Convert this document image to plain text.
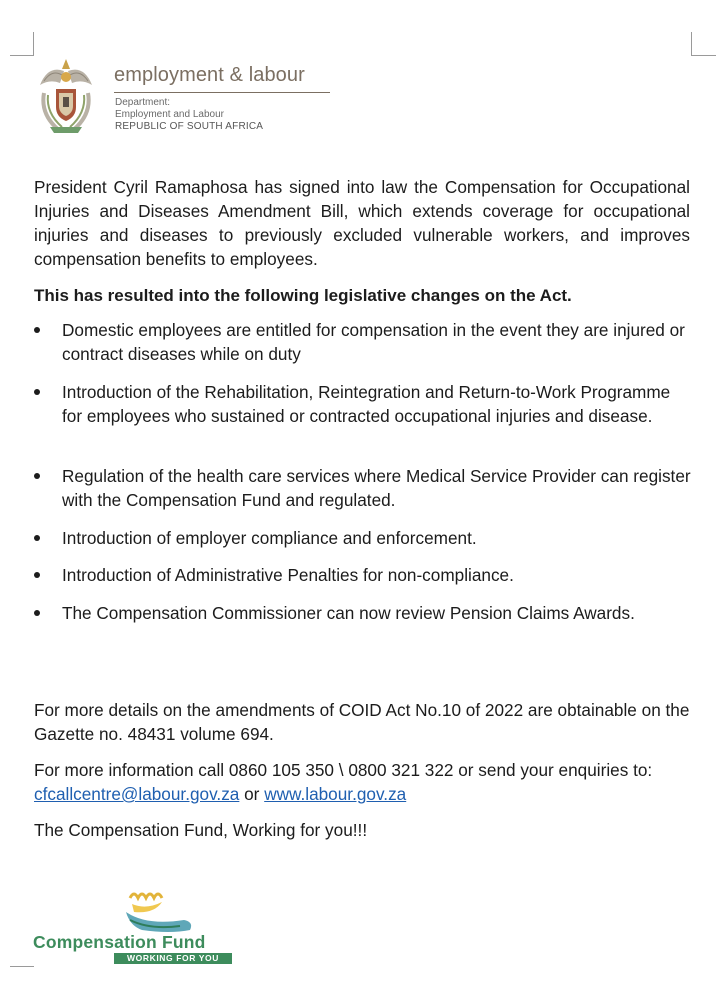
employment & labour
Department:
Employment and Labour
REPUBLIC OF SOUTH AFRICA
President Cyril Ramaphosa has signed into law the Compensation for Occupational Injuries and Diseases Amendment Bill, which extends coverage for occupational injuries and diseases to previously excluded vulnerable workers, and improves compensation benefits to employees.
This has resulted into the following legislative changes on the Act.
Domestic employees are entitled for compensation in the event they are injured or contract diseases while on duty
Introduction of the Rehabilitation, Reintegration and Return-to-Work Programme for employees who sustained or contracted occupational injuries and disease.
Regulation of the health care services where Medical Service Provider can register with the Compensation Fund and regulated.
Introduction of employer compliance and enforcement.
Introduction of Administrative Penalties for non-compliance.
The Compensation Commissioner can now review Pension Claims Awards.
For more details on the amendments of COID Act No.10 of 2022 are obtainable on the Gazette no. 48431 volume 694.
For more information call 0860 105 350 \ 0800 321 322 or send your enquiries to: cfcallcentre@labour.gov.za or www.labour.gov.za
The Compensation Fund, Working for you!!!
Compensation Fund
WORKING FOR YOU
